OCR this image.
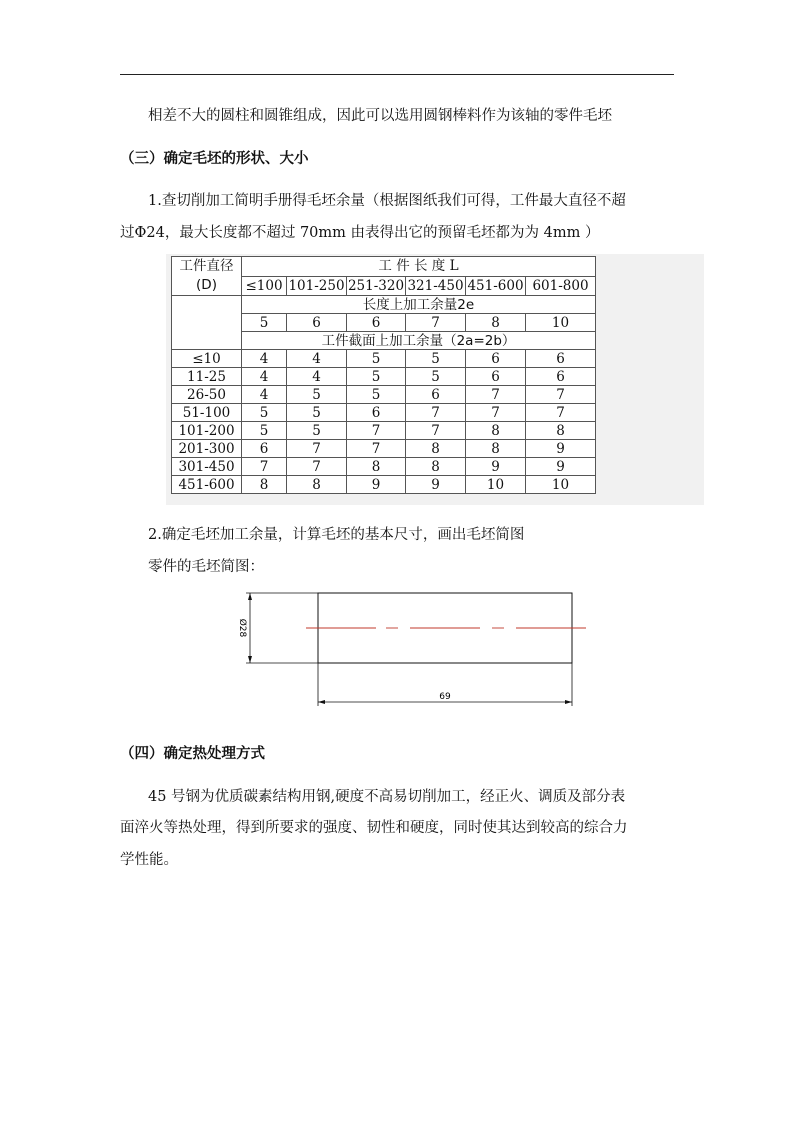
相差不大的圆柱和圆锥组成，因此可以选用圆钢棒料作为该轴的零件毛坯
（三）确定毛坯的形状、大小
1.查切削加工简明手册得毛坯余量（根据图纸我们可得，工件最大直径不超
过Φ24，最大长度都不超过 70mm 由表得出它的预留毛坯都为为 4mm ）
工件直径
(D)	工 件 长 度 L					
	≤100	101-250	251-320	321-450	451-600	601-800
	长度上加工余量2e					
	5	6	6	7	8	10
	工件截面上加工余量（2a=2b）					
≤10	4	4	5	5	6	6
11-25	4	4	5	5	6	6
26-50	4	5	5	6	7	7
51-100	5	5	6	7	7	7
101-200	5	5	7	7	8	8
201-300	6	7	7	8	8	9
301-450	7	7	8	8	9	9
451-600	8	8	9	9	10	10
2.确定毛坯加工余量，计算毛坯的基本尺寸，画出毛坯简图
零件的毛坯简图：
Ø28
69
（四）确定热处理方式
45 号钢为优质碳素结构用钢,硬度不高易切削加工，经正火、调质及部分表
面淬火等热处理，得到所要求的强度、韧性和硬度，同时使其达到较高的综合力
学性能。
